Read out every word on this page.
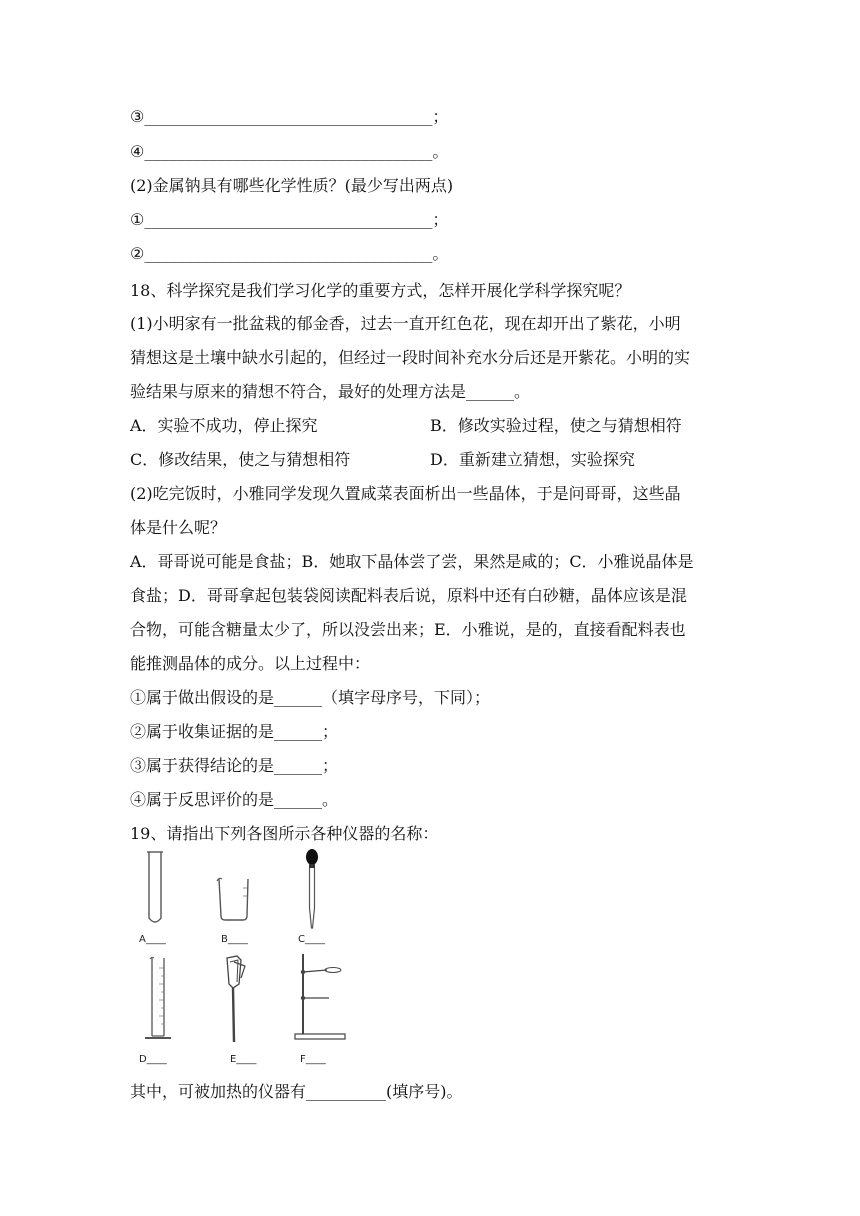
③____________________________________；
④____________________________________。
(2)金属钠具有哪些化学性质？(最少写出两点)
①____________________________________；
②____________________________________。
18、科学探究是我们学习化学的重要方式，怎样开展化学科学探究呢？
(1)小明家有一批盆栽的郁金香，过去一直开红色花，现在却开出了紫花，小明
猜想这是土壤中缺水引起的，但经过一段时间补充水分后还是开紫花。小明的实
验结果与原来的猜想不符合，最好的处理方法是______。
A．实验不成功，停止探究	B．修改实验过程，使之与猜想相符
C．修改结果，使之与猜想相符	D．重新建立猜想，实验探究
(2)吃完饭时，小雅同学发现久置咸菜表面析出一些晶体，于是问哥哥，这些晶
体是什么呢？
A．哥哥说可能是食盐；B．她取下晶体尝了尝，果然是咸的；C．小雅说晶体是
食盐；D．哥哥拿起包装袋阅读配料表后说，原料中还有白砂糖，晶体应该是混
合物，可能含糖量太少了，所以没尝出来；E．小雅说，是的，直接看配料表也
能推测晶体的成分。以上过程中：
①属于做出假设的是______（填字母序号，下同）；
②属于收集证据的是______；
③属于获得结论的是______；
④属于反思评价的是______。
19、请指出下列各图所示各种仪器的名称：
A____	B____	C____
D____	E____	F____
其中，可被加热的仪器有__________(填序号)。
